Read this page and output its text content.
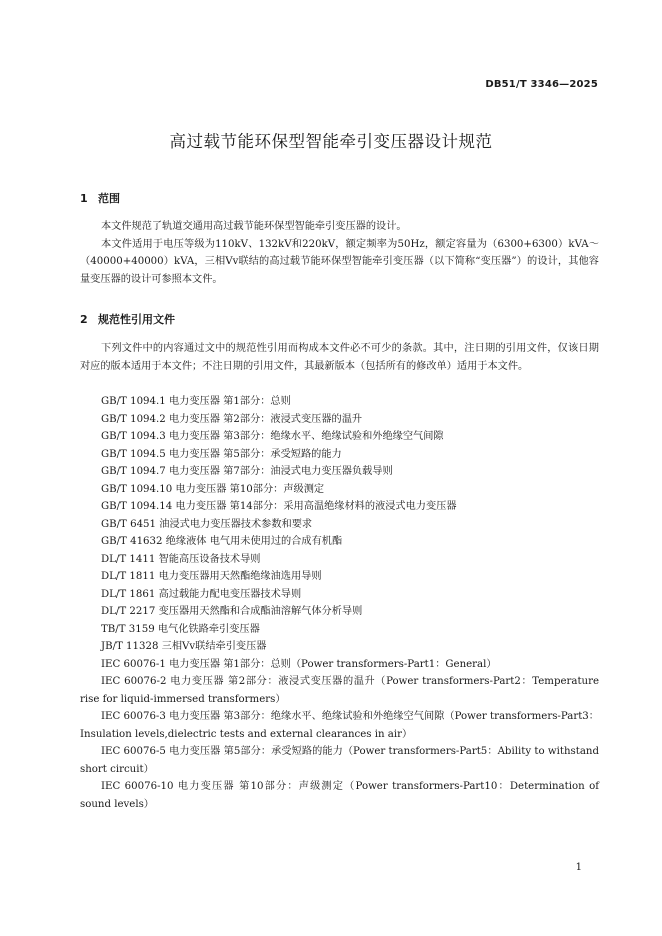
DB51/T 3346—2025
高过载节能环保型智能牵引变压器设计规范
1 范围

本文件规范了轨道交通用高过载节能环保型智能牵引变压器的设计。

本文件适用于电压等级为110kV、132kV和220kV，额定频率为50Hz，额定容量为（6300+6300）kVA～（40000+40000）kVA，三相Vv联结的高过载节能环保型智能牵引变压器（以下简称“变压器”）的设计，其他容量变压器的设计可参照本文件。

2 规范性引用文件

下列文件中的内容通过文中的规范性引用而构成本文件必不可少的条款。其中，注日期的引用文件，仅该日期对应的版本适用于本文件；不注日期的引用文件，其最新版本（包括所有的修改单）适用于本文件。

GB/T 1094.1 电力变压器 第1部分：总则
GB/T 1094.2 电力变压器 第2部分：液浸式变压器的温升
GB/T 1094.3 电力变压器 第3部分：绝缘水平、绝缘试验和外绝缘空气间隙
GB/T 1094.5 电力变压器 第5部分：承受短路的能力
GB/T 1094.7 电力变压器 第7部分：油浸式电力变压器负载导则
GB/T 1094.10 电力变压器 第10部分：声级测定
GB/T 1094.14 电力变压器 第14部分：采用高温绝缘材料的液浸式电力变压器
GB/T 6451 油浸式电力变压器技术参数和要求
GB/T 41632 绝缘液体 电气用未使用过的合成有机酯
DL/T 1411 智能高压设备技术导则
DL/T 1811 电力变压器用天然酯绝缘油选用导则
DL/T 1861 高过载能力配电变压器技术导则
DL/T 2217 变压器用天然酯和合成酯油溶解气体分析导则
TB/T 3159 电气化铁路牵引变压器
JB/T 11328 三相Vv联结牵引变压器
IEC 60076-1 电力变压器 第1部分：总则（Power transformers-Part1：General）
IEC 60076-2 电力变压器 第2部分：液浸式变压器的温升（Power transformers-Part2：Temperature rise for liquid-immersed transformers）
IEC 60076-3 电力变压器 第3部分：绝缘水平、绝缘试验和外绝缘空气间隙（Power transformers-Part3：Insulation levels,dielectric tests and external clearances in air）
IEC 60076-5 电力变压器 第5部分：承受短路的能力（Power transformers-Part5：Ability to withstand short circuit）
IEC 60076-10 电力变压器 第10部分：声级测定（Power transformers-Part10：Determination of sound levels）
1
